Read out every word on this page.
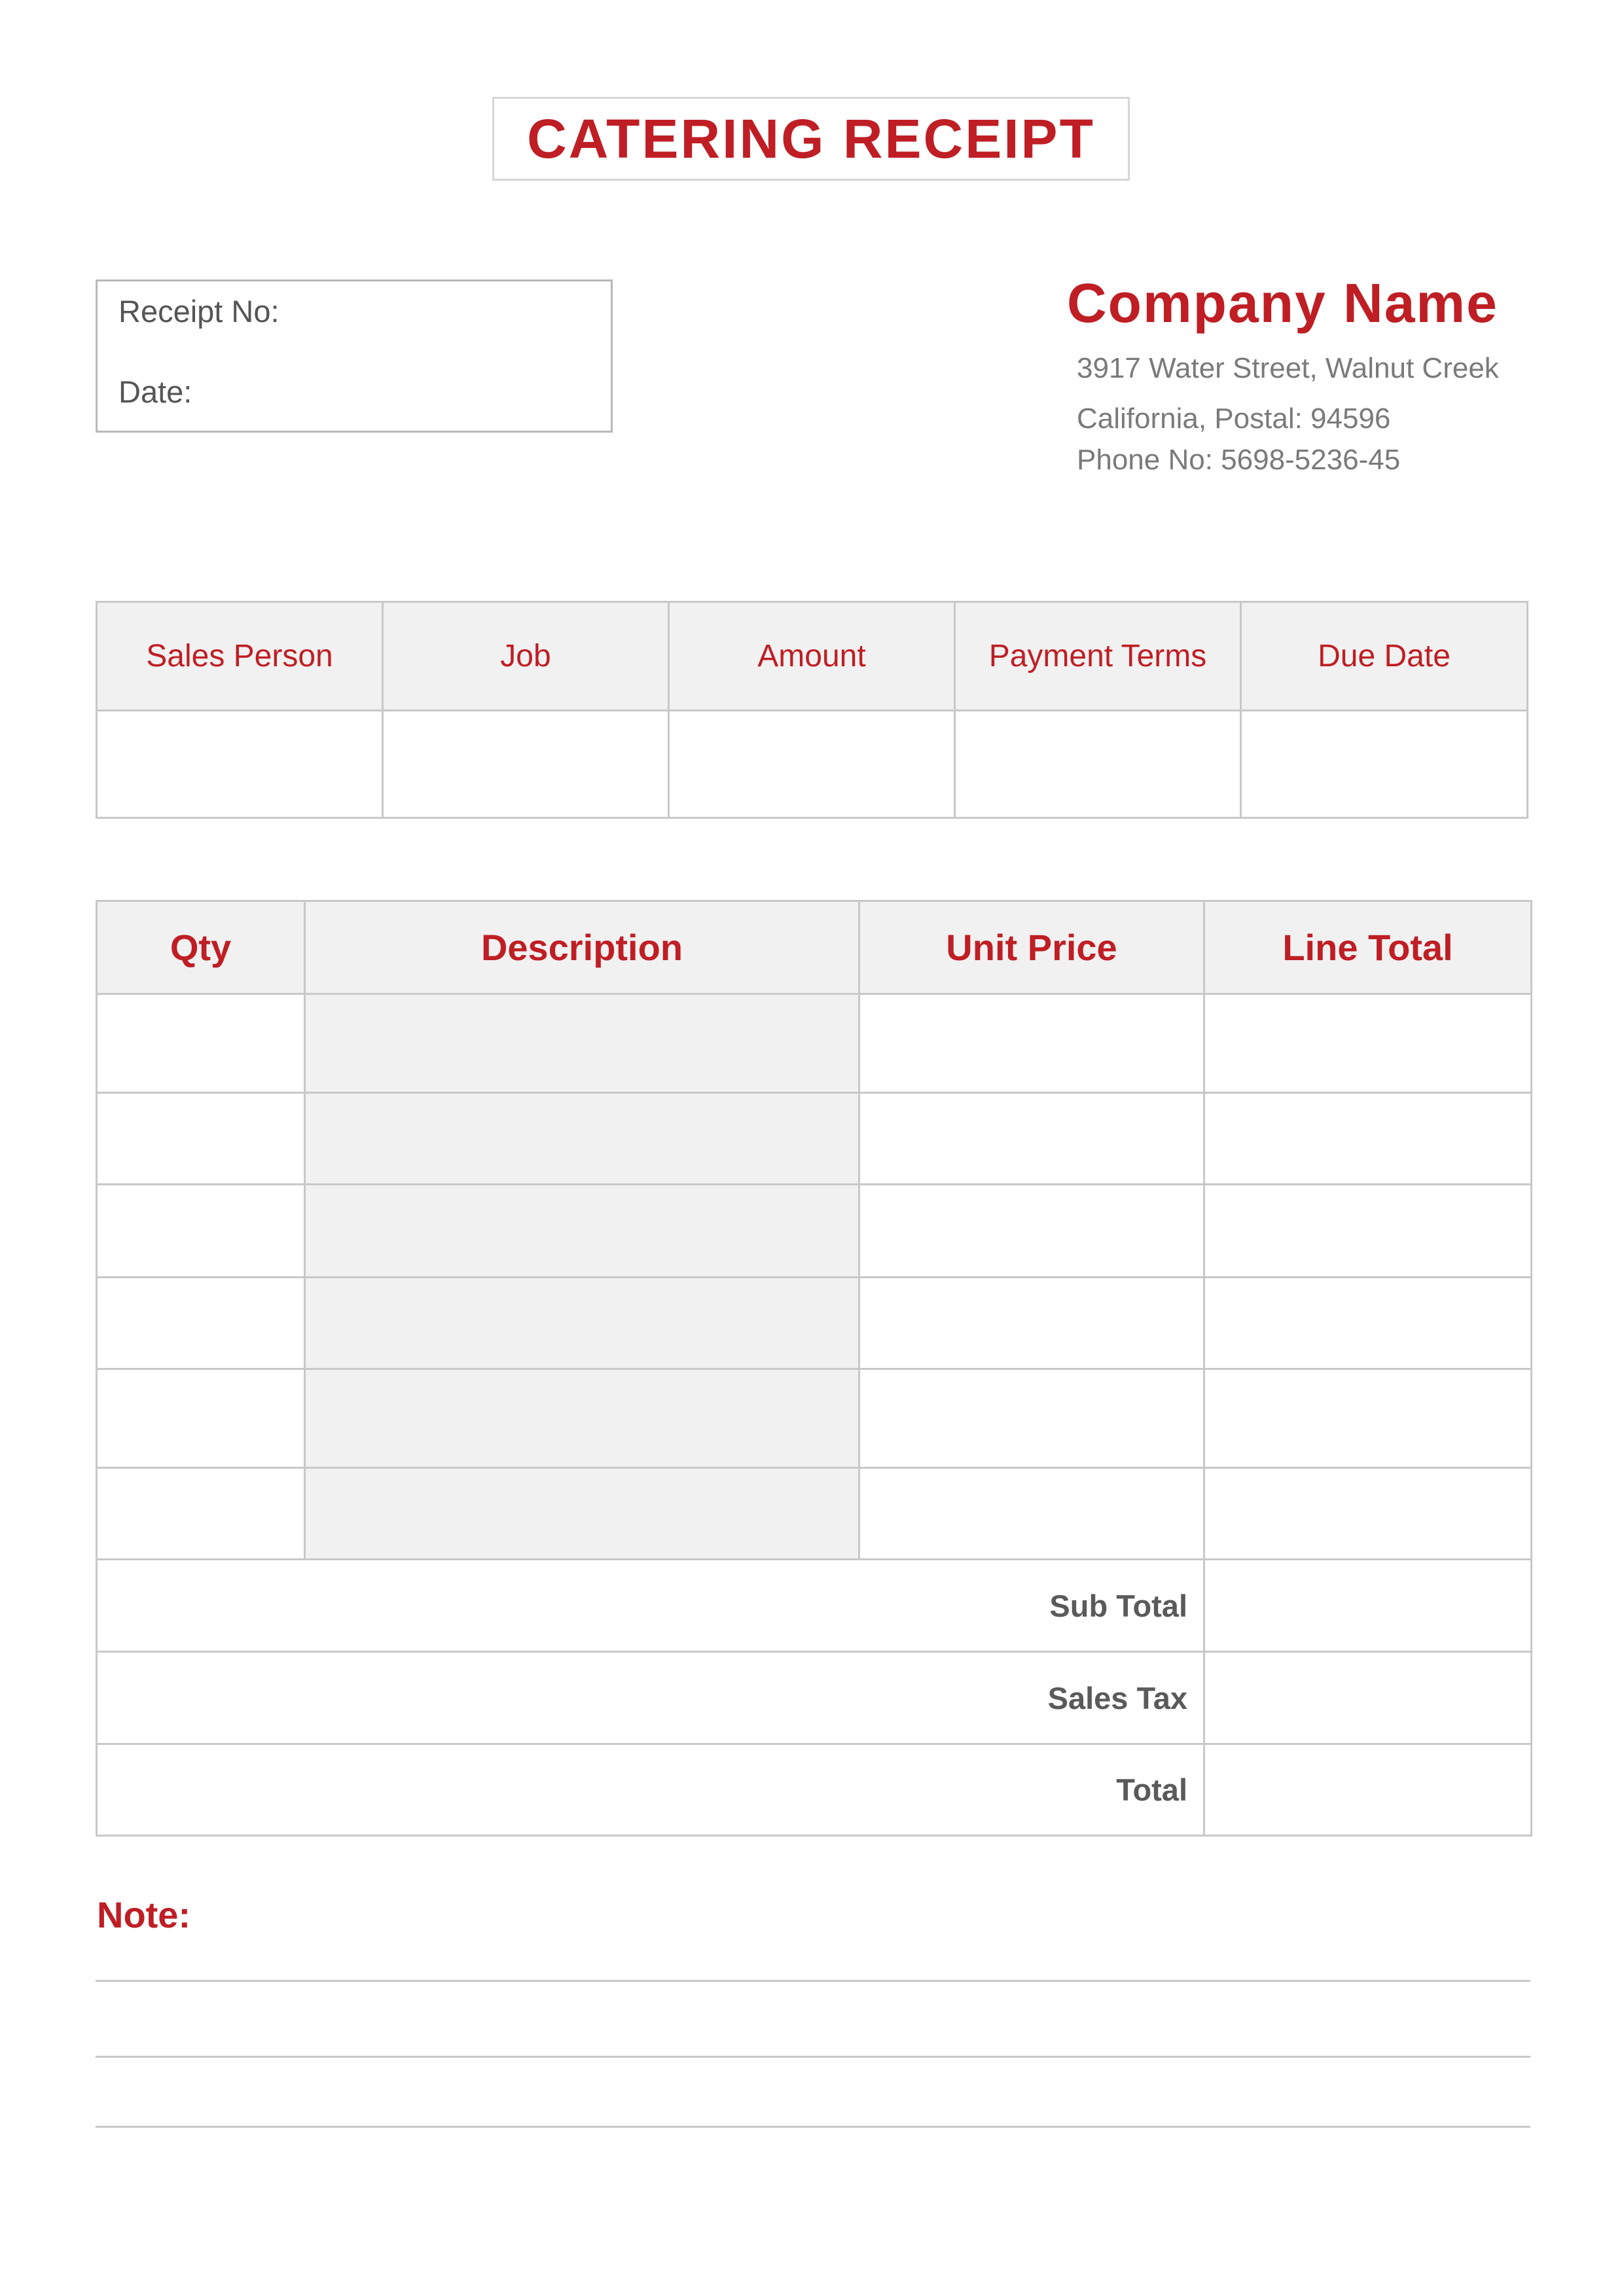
CATERING RECEIPT
Receipt No:
Date:
Company Name
3917 Water Street, Walnut Creek
California, Postal: 94596
Phone No: 5698-5236-45
Sales Person	Job	Amount	Payment Terms	Due Date

Qty	Description	Unit Price	Line Total

Sub Total			
Sales Tax			
Total			
Note:
